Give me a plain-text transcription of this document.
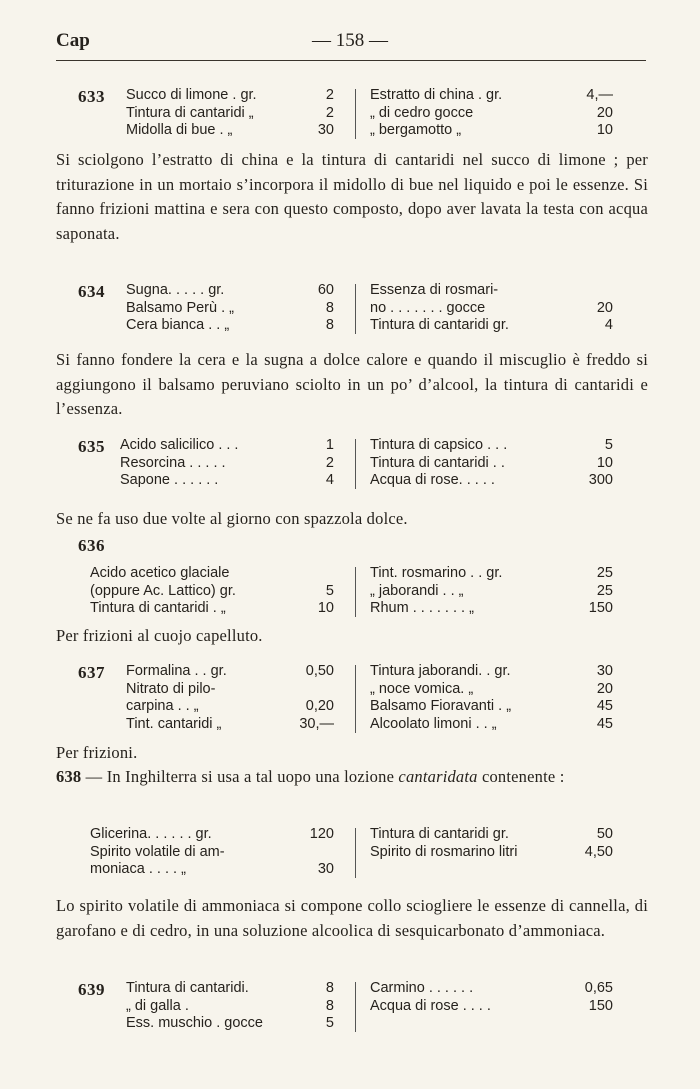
Cap	— 158 —
633 Succo di limone . gr.	2
Tintura di cantaridi „	2
Midolla di bue . „	30
Estratto di china . gr.	4,—
„ di cedro gocce	20
„ bergamotto „	10
Si sciolgono l’estratto di china e la tintura di cantaridi nel succo di limone ; per triturazione in un mortaio s’incorpora il midollo di bue nel liquido e poi le essenze. Si fanno frizioni mattina e sera con questo composto, dopo aver lavata la testa con acqua saponata.
634 Sugna. . . . . gr.	60
Balsamo Perù . „	8
Cera bianca . . „	8
Essenza di rosmari-
no . . . . . . . gocce	20
Tintura di cantaridi gr.	4
Si fanno fondere la cera e la sugna a dolce calore e quando il miscuglio è freddo si aggiungono il balsamo peruviano sciolto in un po’ d’alcool, la tintura di cantaridi e l’essenza.
635 Acido salicilico . . .	1
Resorcina . . . . .	2
Sapone . . . . . .	4
Tintura di capsico . . .	5
Tintura di cantaridi . .	10
Acqua di rose. . . . .	300
Se ne fa uso due volte al giorno con spazzola dolce.
636
Acido acetico glaciale
(oppure Ac. Lattico) gr.	5
Tintura di cantaridi . „	10
Tint. rosmarino . . gr.	25
„ jaborandi . . „	25
Rhum . . . . . . . „	150
Per frizioni al cuojo capelluto.
637 Formalina . . gr.	0,50
Nitrato di pilo-
carpina . . „	0,20
Tint. cantaridi „	30,—
Tintura jaborandi. . gr.	30
„ noce vomica. „	20
Balsamo Fioravanti . „	45
Alcoolato limoni . . „	45
Per frizioni.
638 — In Inghilterra si usa a tal uopo una lozione cantaridata contenente :
Glicerina. . . . . . gr.	120
Spirito volatile di am-
moniaca . . . . „	30
Tintura di cantaridi gr.	50
Spirito di rosmarino litri	4,50
Lo spirito volatile di ammoniaca si compone collo sciogliere le essenze di cannella, di garofano e di cedro, in una soluzione alcoolica di sesquicarbonato d’ammoniaca.
639 Tintura di cantaridi.	8
„ di galla .	8
Ess. muschio . gocce	5
Carmino . . . . . .	0,65
Acqua di rose . . . .	150
